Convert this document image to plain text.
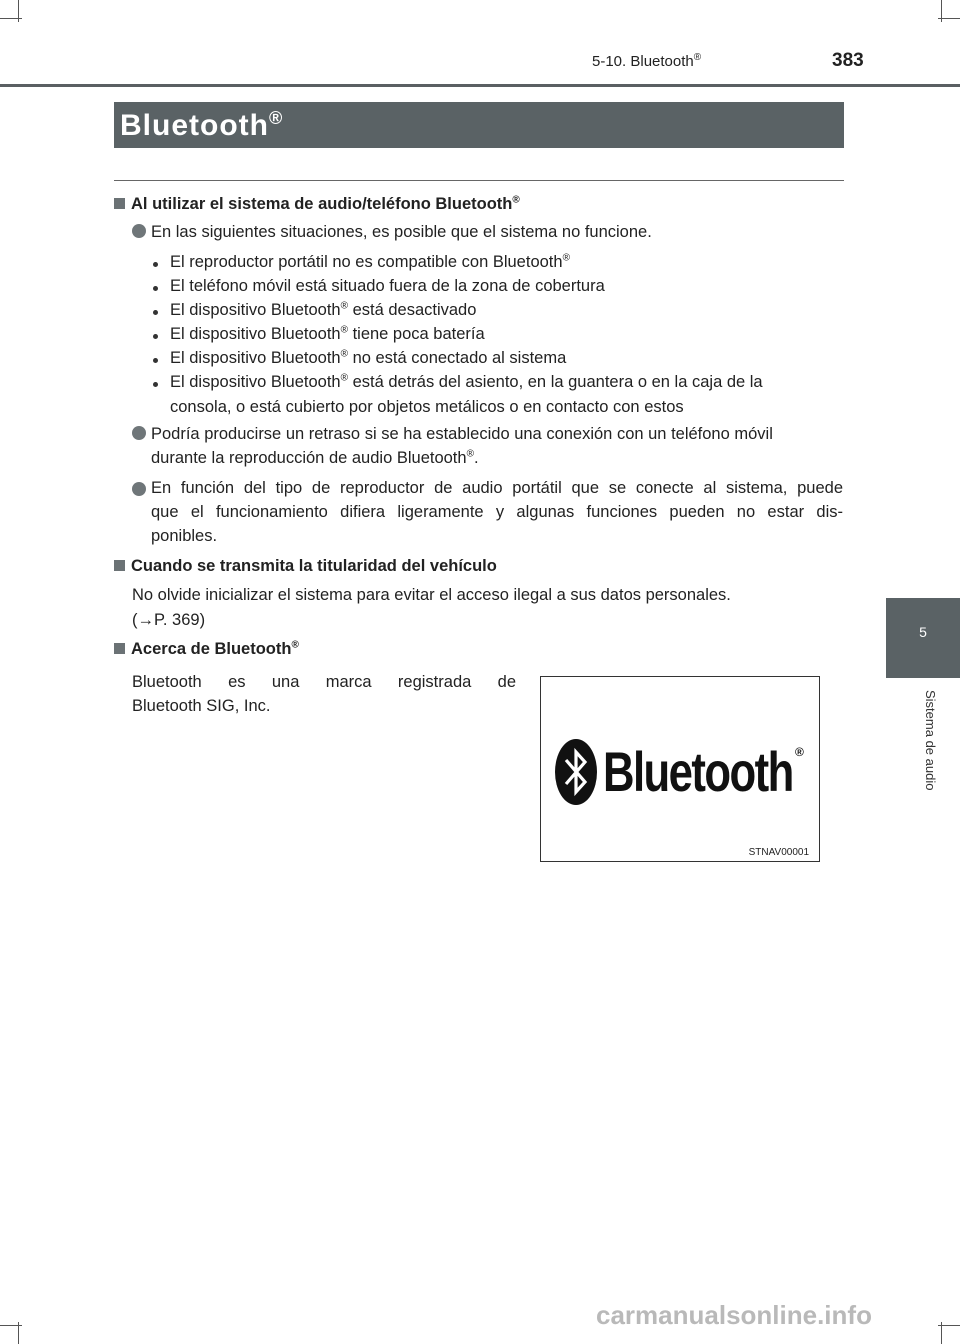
5-10. Bluetooth®	383
Bluetooth®
5
Sistema de audio
Al utilizar el sistema de audio/teléfono Bluetooth®
En las siguientes situaciones, es posible que el sistema no funcione.
El reproductor portátil no es compatible con Bluetooth®
El teléfono móvil está situado fuera de la zona de cobertura
El dispositivo Bluetooth® está desactivado
El dispositivo Bluetooth® tiene poca batería
El dispositivo Bluetooth® no está conectado al sistema
El dispositivo Bluetooth® está detrás del asiento, en la guantera o en la caja de la
consola, o está cubierto por objetos metálicos o en contacto con estos
Podría producirse un retraso si se ha establecido una conexión con un teléfono móvil
durante la reproducción de audio Bluetooth®.
En función del tipo de reproductor de audio portátil que se conecte al sistema, puede
que el funcionamiento difiera ligeramente y algunas funciones pueden no estar dis-
ponibles.
Cuando se transmita la titularidad del vehículo
No olvide inicializar el sistema para evitar el acceso ilegal a sus datos personales.
(→P. 369)
Acerca de Bluetooth®
Bluetooth es una marca registrada de
Bluetooth SIG, Inc.
Bluetooth ®
STNAV00001
carmanualsonline.info
